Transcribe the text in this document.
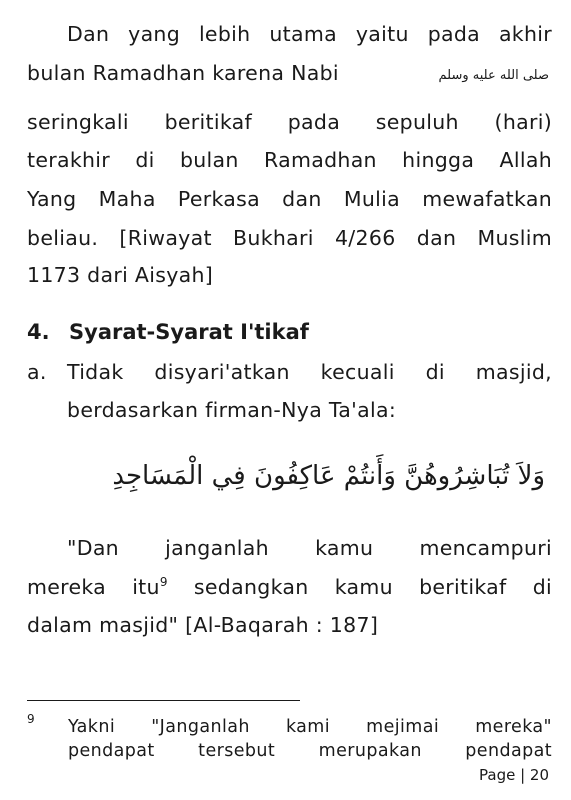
Dan yang lebih utama yaitu pada akhir
bulan Ramadhan karena Nabi	صلى الله عليه وسلم
seringkali beritikaf pada sepuluh (hari)
terakhir di bulan Ramadhan hingga Allah
Yang Maha Perkasa dan Mulia mewafatkan
beliau. [Riwayat Bukhari 4/266 dan Muslim
1173 dari Aisyah]
4. Syarat-Syarat I'tikaf
a. Tidak disyari'atkan kecuali di masjid,
berdasarkan firman-Nya Ta'ala:
وَلاَ تُبَاشِرُوهُنَّ وَأَنتُمْ عَاكِفُونَ فِي الْمَسَاجِدِ
"Dan janganlah kamu mencampuri
mereka itu$^9$ sedangkan kamu beritikaf di
dalam masjid" [Al-Baqarah : 187]
9 Yakni "Janganlah kami mejimai mereka"
pendapat tersebut merupakan pendapat
Page | 20
